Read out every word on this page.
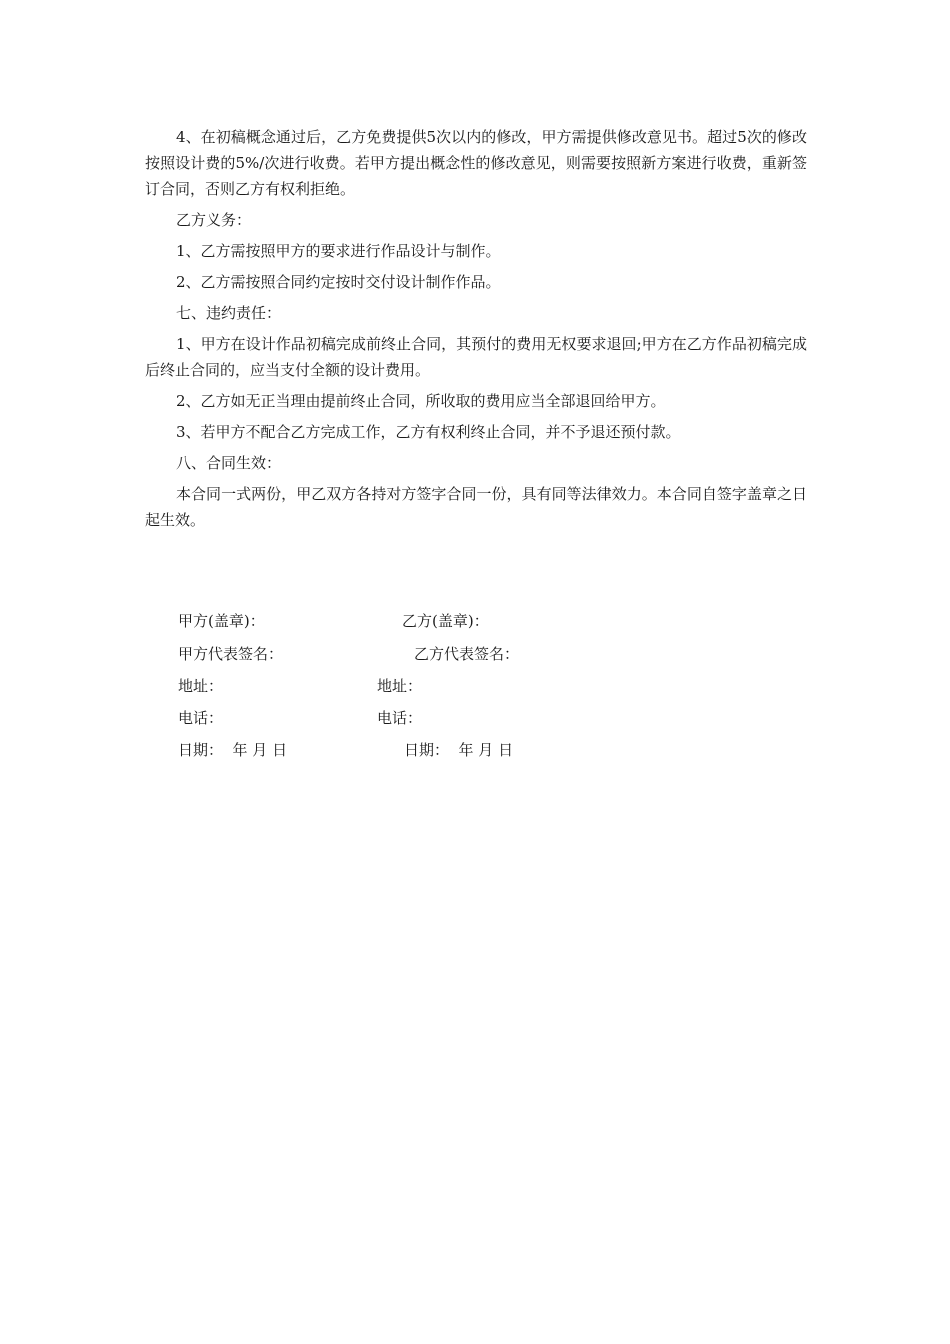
4、在初稿概念通过后，乙方免费提供5次以内的修改，甲方需提供修改意见书。超过5次的修改按照设计费的5%/次进行收费。若甲方提出概念性的修改意见，则需要按照新方案进行收费，重新签订合同，否则乙方有权利拒绝。

乙方义务：

1、乙方需按照甲方的要求进行作品设计与制作。

2、乙方需按照合同约定按时交付设计制作作品。

七、违约责任：

1、甲方在设计作品初稿完成前终止合同，其预付的费用无权要求退回;甲方在乙方作品初稿完成后终止合同的，应当支付全额的设计费用。

2、乙方如无正当理由提前终止合同，所收取的费用应当全部退回给甲方。

3、若甲方不配合乙方完成工作，乙方有权利终止合同，并不予退还预付款。

八、合同生效：

本合同一式两份，甲乙双方各持对方签字合同一份，具有同等法律效力。本合同自签字盖章之日起生效。

甲方(盖章)：	乙方(盖章)：
甲方代表签名：	乙方代表签名：
地址：	地址：
电话：	电话：
日期：  年 月 日	日期：  年 月 日
